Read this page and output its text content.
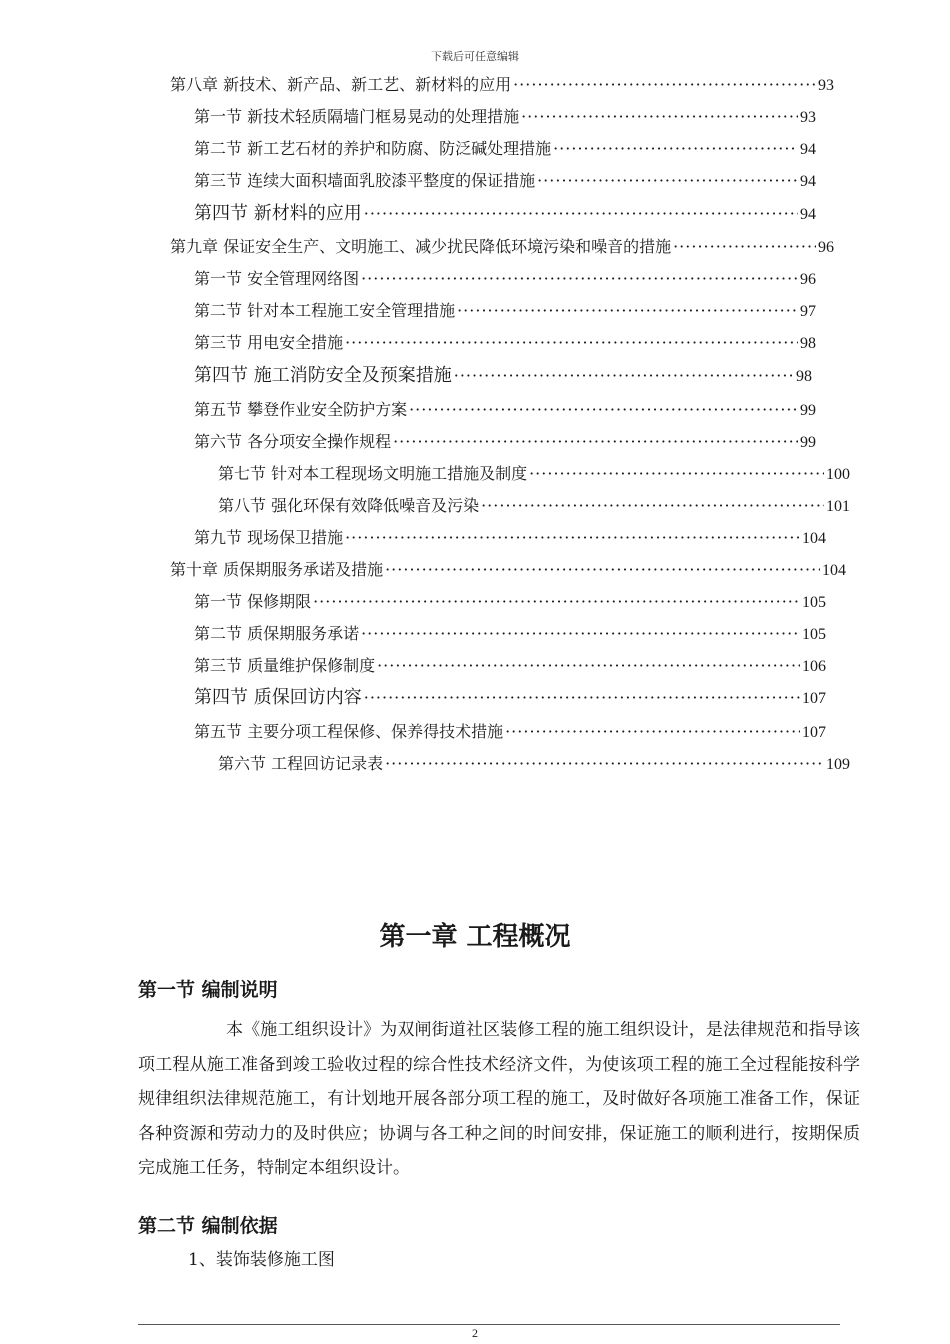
下载后可任意编辑
第八章 新技术、新产品、新工艺、新材料的应用 ·····	93
第一节 新技术轻质隔墙门框易晃动的处理措施 ·····	93
第二节 新工艺石材的养护和防腐、防泛碱处理措施 ·····	94
第三节 连续大面积墙面乳胶漆平整度的保证措施 ·····	94
第四节 新材料的应用 ·····	94
第九章 保证安全生产、文明施工、减少扰民降低环境污染和噪音的措施 ·····	96
第一节 安全管理网络图 ·····	96
第二节 针对本工程施工安全管理措施 ·····	97
第三节 用电安全措施 ·····	98
第四节 施工消防安全及预案措施 ·····	98
第五节 攀登作业安全防护方案 ·····	99
第六节 各分项安全操作规程 ·····	99
第七节 针对本工程现场文明施工措施及制度 ·····	100
第八节 强化环保有效降低噪音及污染 ·····	101
第九节 现场保卫措施 ·····	104
第十章 质保期服务承诺及措施 ·····	104
第一节 保修期限 ·····	105
第二节 质保期服务承诺 ·····	105
第三节 质量维护保修制度 ·····	106
第四节 质保回访内容 ·····	107
第五节 主要分项工程保修、保养得技术措施 ·····	107
第六节 工程回访记录表 ·····	109
第一章 工程概况
第一节 编制说明
本《施工组织设计》为双闸街道社区装修工程的施工组织设计，是法律规范和指导该项工程从施工准备到竣工验收过程的综合性技术经济文件，为使该项工程的施工全过程能按科学规律组织法律规范施工，有计划地开展各部分项工程的施工，及时做好各项施工准备工作，保证各种资源和劳动力的及时供应；协调与各工种之间的时间安排，保证施工的顺利进行，按期保质完成施工任务，特制定本组织设计。
第二节 编制依据
1、装饰装修施工图
2
